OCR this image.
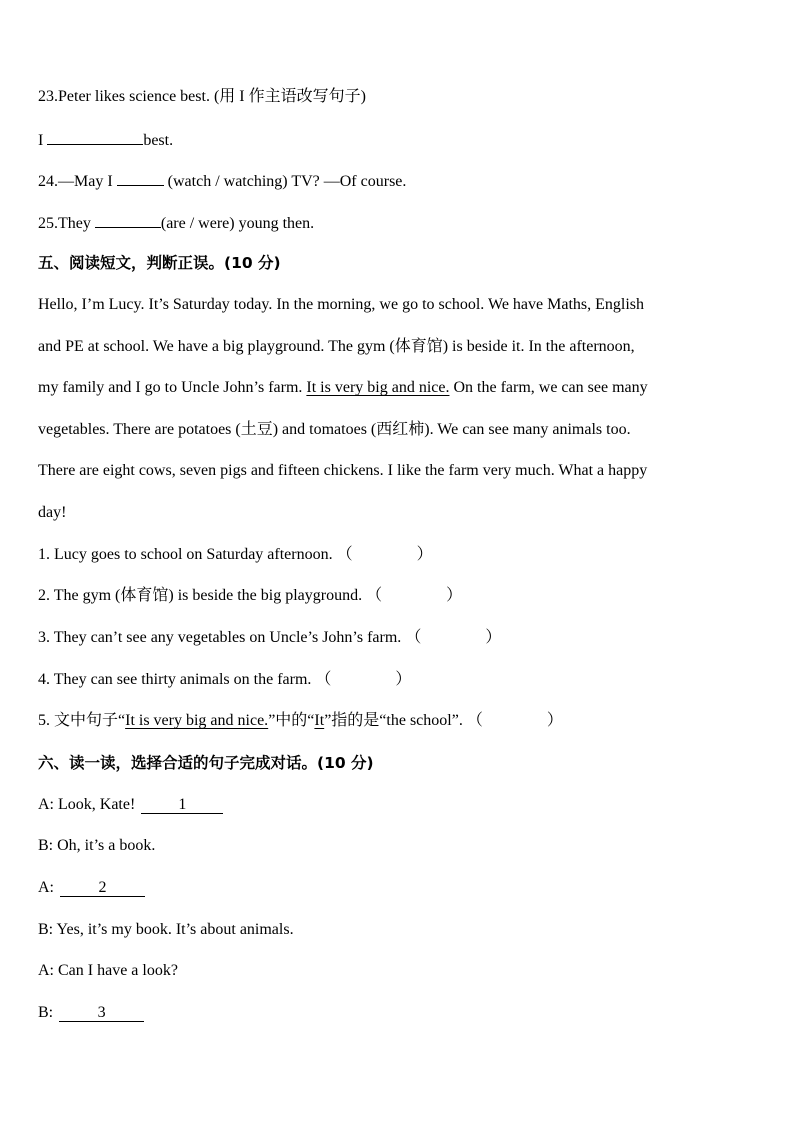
23.Peter likes science best. (用 I 作主语改写句子)
I	best.
24.—May I	(watch / watching) TV? —Of course.
25.They	(are / were) young then.
五、阅读短文，判断正误。(10 分)
Hello, I’m Lucy. It’s Saturday today. In the morning, we go to school. We have Maths, English
and PE at school. We have a big playground. The gym (体育馆) is beside it. In the afternoon,
my family and I go to Uncle John’s farm. It is very big and nice. On the farm, we can see many
vegetables. There are potatoes (土豆) and tomatoes (西红柿). We can see many animals too.
There are eight cows, seven pigs and fifteen chickens. I like the farm very much. What a happy
day!
1. Lucy goes to school on Saturday afternoon. （　　　　）
2. The gym (体育馆) is beside the big playground. （　　　　）
3. They can’t see any vegetables on Uncle’s John’s farm. （　　　　）
4. They can see thirty animals on the farm. （　　　　）
5. 文中句子“It is very big and nice.”中的“It”指的是“the school”. （　　　　）
六、读一读，选择合适的句子完成对话。(10 分)
A: Look, Kate!	1
B: Oh, it’s a book.
A:	2
B: Yes, it’s my book. It’s about animals.
A: Can I have a look?
B:	3
